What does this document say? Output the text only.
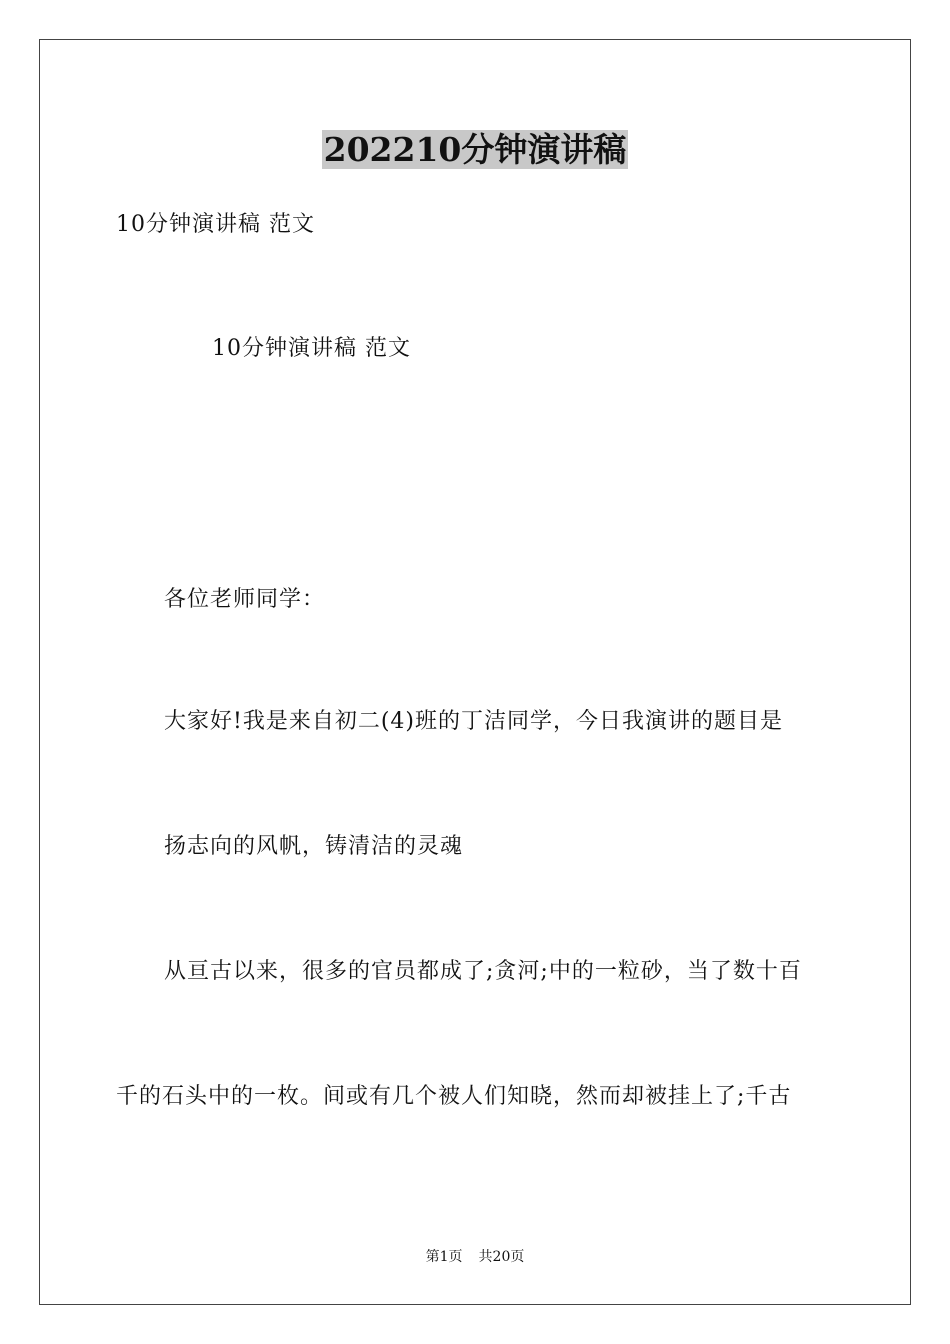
202210分钟演讲稿
10分钟演讲稿 范文
10分钟演讲稿 范文
各位老师同学：
大家好!我是来自初二(4)班的丁洁同学，今日我演讲的题目是
扬志向的风帆，铸清洁的灵魂
从亘古以来，很多的官员都成了;贪河;中的一粒砂，当了数十百
千的石头中的一枚。间或有几个被人们知晓，然而却被挂上了;千古
第1页 共20页
